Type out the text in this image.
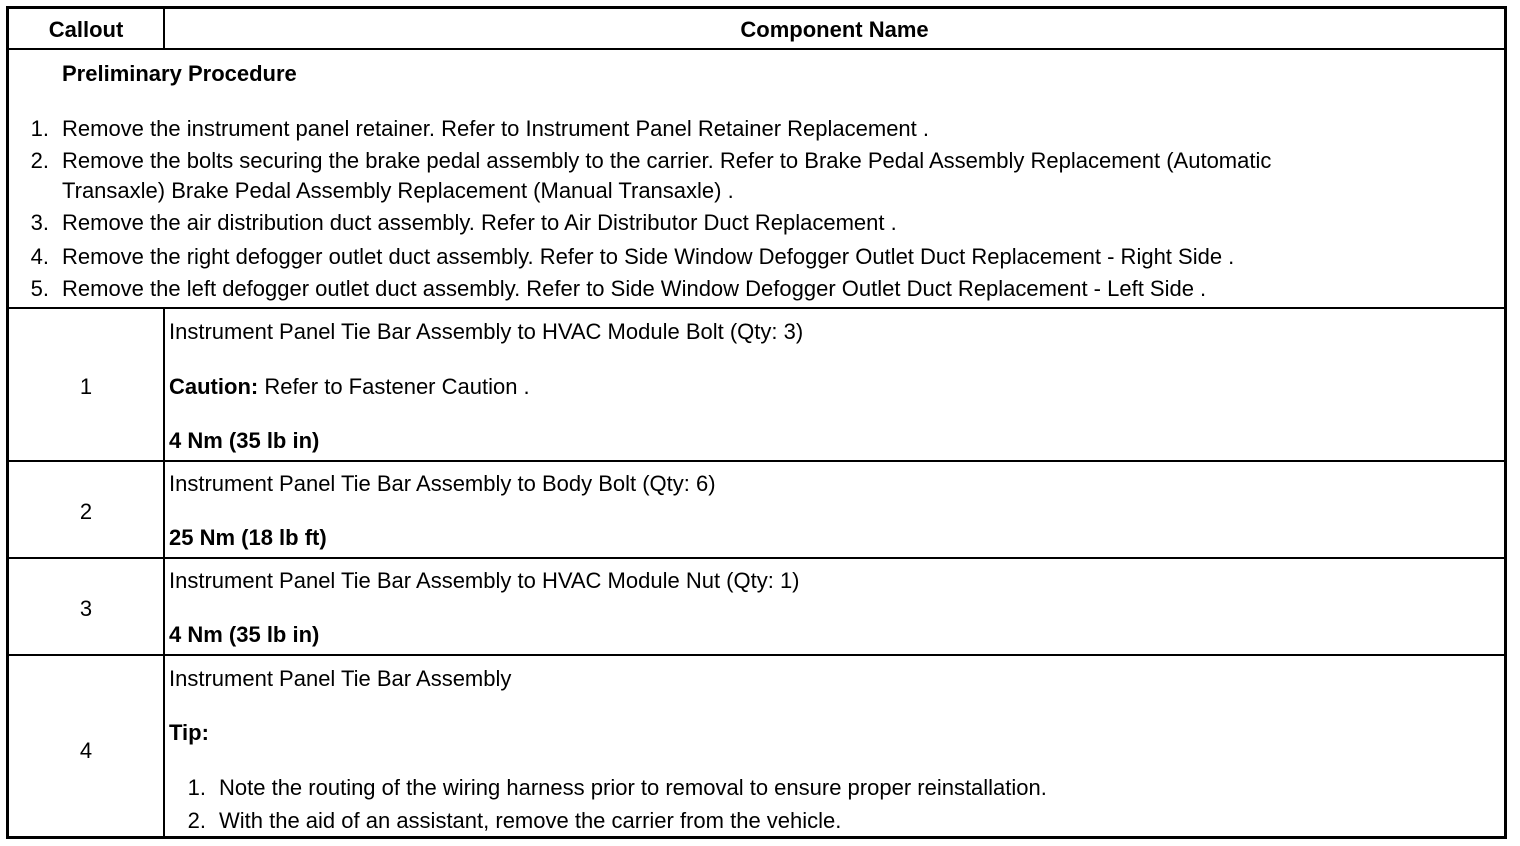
Callout	Component Name
Preliminary Procedure
1. Remove the instrument panel retainer. Refer to Instrument Panel Retainer Replacement .
2. Remove the bolts securing the brake pedal assembly to the carrier. Refer to Brake Pedal Assembly Replacement (Automatic
Transaxle) Brake Pedal Assembly Replacement (Manual Transaxle) .
3. Remove the air distribution duct assembly. Refer to Air Distributor Duct Replacement .
4. Remove the right defogger outlet duct assembly. Refer to Side Window Defogger Outlet Duct Replacement - Right Side .
5. Remove the left defogger outlet duct assembly. Refer to Side Window Defogger Outlet Duct Replacement - Left Side .
1
Instrument Panel Tie Bar Assembly to HVAC Module Bolt (Qty: 3)
Caution: Refer to Fastener Caution .
4 Nm (35 lb in)
2
Instrument Panel Tie Bar Assembly to Body Bolt (Qty: 6)
25 Nm (18 lb ft)
3
Instrument Panel Tie Bar Assembly to HVAC Module Nut (Qty: 1)
4 Nm (35 lb in)
4
Instrument Panel Tie Bar Assembly
Tip:
1. Note the routing of the wiring harness prior to removal to ensure proper reinstallation.
2. With the aid of an assistant, remove the carrier from the vehicle.
